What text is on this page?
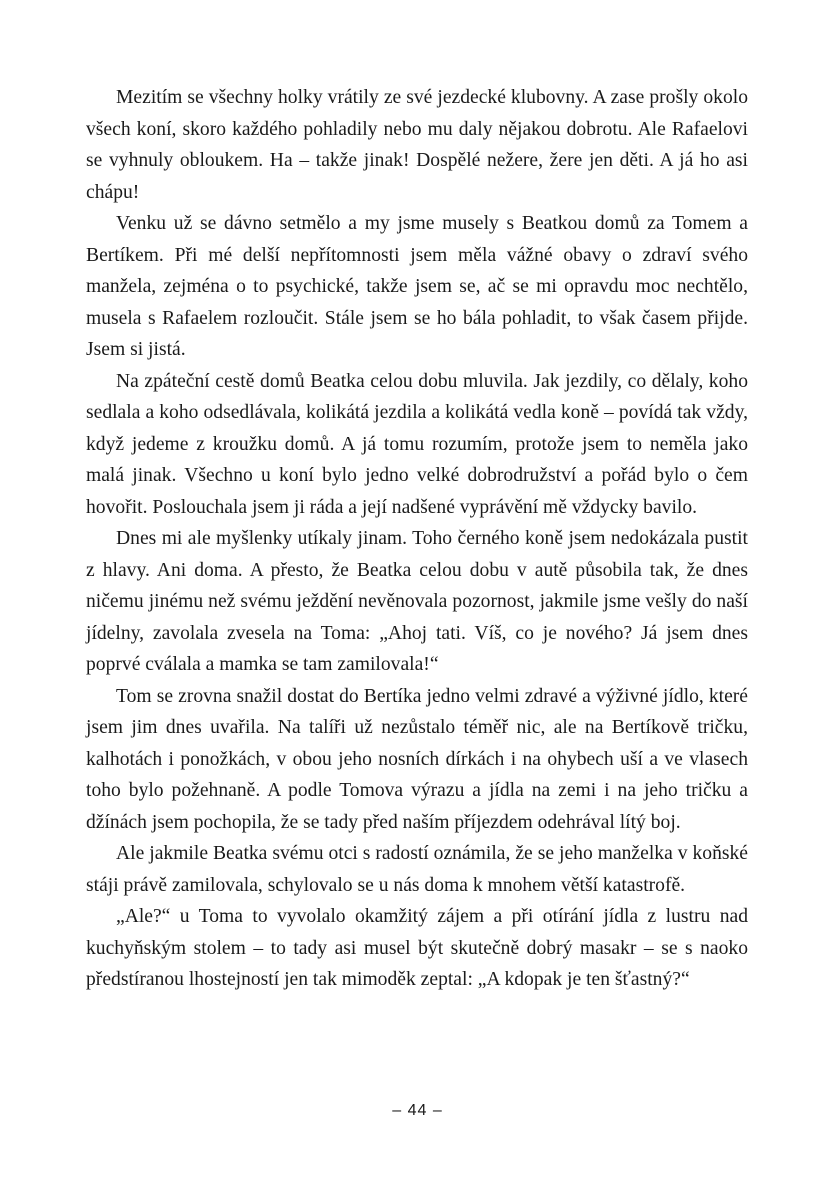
Mezitím se všechny holky vrátily ze své jezdecké klubovny. A zase prošly okolo všech koní, skoro každého pohladily nebo mu daly nějakou dobrotu. Ale Rafaelovi se vyhnuly obloukem. Ha – takže jinak! Dospělé nežere, žere jen děti. A já ho asi chápu!

Venku už se dávno setmělo a my jsme musely s Beatkou domů za Tomem a Bertíkem. Při mé delší nepřítomnosti jsem měla vážné obavy o zdraví svého manžela, zejména o to psychické, takže jsem se, ač se mi opravdu moc nechtělo, musela s Rafaelem rozloučit. Stále jsem se ho bála pohladit, to však časem přijde. Jsem si jistá.

Na zpáteční cestě domů Beatka celou dobu mluvila. Jak jezdily, co dělaly, koho sedlala a koho odsedlávala, kolikátá jezdila a kolikátá vedla koně – povídá tak vždy, když jedeme z kroužku domů. A já tomu rozumím, protože jsem to neměla jako malá jinak. Všechno u koní bylo jedno velké dobrodružství a pořád bylo o čem hovořit. Poslouchala jsem ji ráda a její nadšené vyprávění mě vždycky bavilo.

Dnes mi ale myšlenky utíkaly jinam. Toho černého koně jsem nedokázala pustit z hlavy. Ani doma. A přesto, že Beatka celou dobu v autě působila tak, že dnes ničemu jinému než svému ježdění nevěnovala pozornost, jakmile jsme vešly do naší jídelny, zavolala zvesela na Toma: „Ahoj tati. Víš, co je nového? Já jsem dnes poprvé cválala a mamka se tam zamilovala!“

Tom se zrovna snažil dostat do Bertíka jedno velmi zdravé a výživné jídlo, které jsem jim dnes uvařila. Na talíři už nezůstalo téměř nic, ale na Bertíkově tričku, kalhotách i ponožkách, v obou jeho nosních dírkách i na ohybech uší a ve vlasech toho bylo požehnaně. A podle Tomova výrazu a jídla na zemi i na jeho tričku a džínách jsem pochopila, že se tady před naším příjezdem odehrával lítý boj.

Ale jakmile Beatka svému otci s radostí oznámila, že se jeho manželka v koňské stáji právě zamilovala, schylovalo se u nás doma k mnohem větší katastrofě.

„Ale?“ u Toma to vyvolalo okamžitý zájem a při otírání jídla z lustru nad kuchyňským stolem – to tady asi musel být skutečně dobrý masakr – se s naoko předstíranou lhostejností jen tak mimoděk zeptal: „A kdopak je ten šťastný?“

– 44 –
